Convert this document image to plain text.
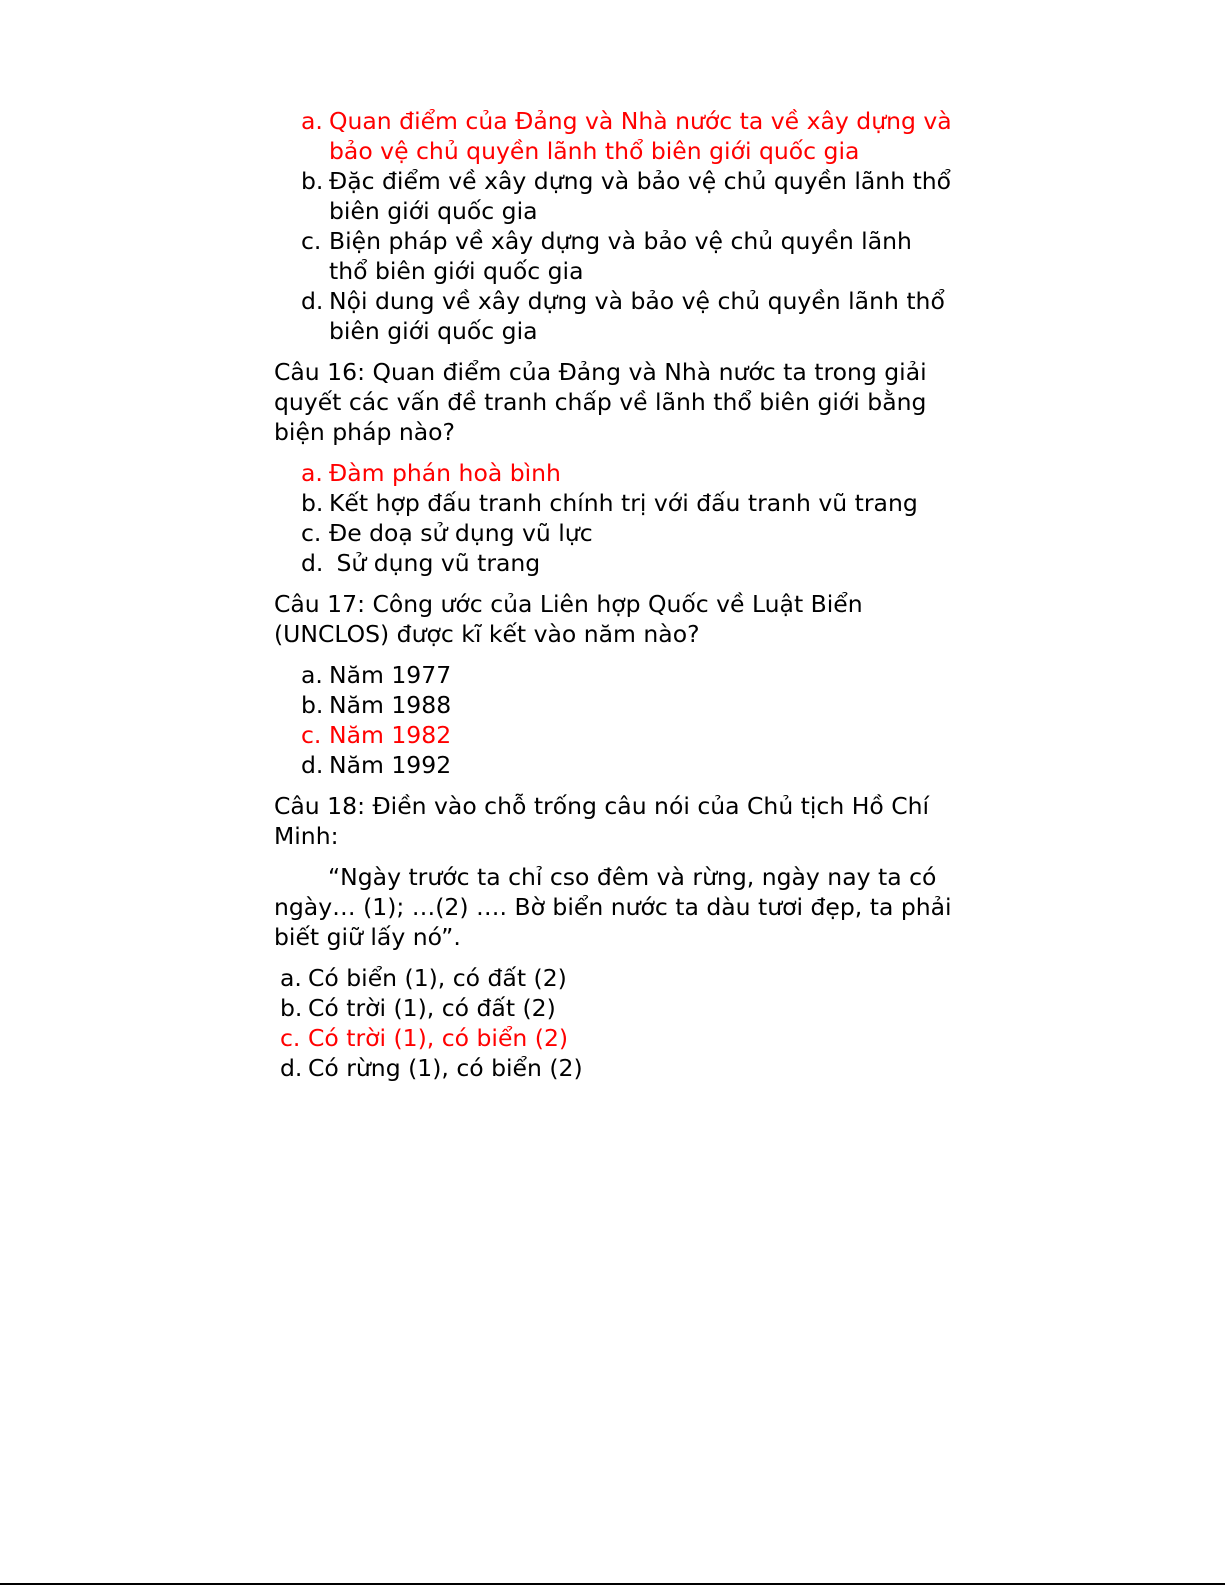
a. Quan điểm của Đảng và Nhà nước ta về xây dựng và bảo vệ chủ quyền lãnh thổ biên giới quốc gia
b. Đặc điểm về xây dựng và bảo vệ chủ quyền lãnh thổ biên giới quốc gia
c. Biện pháp về xây dựng và bảo vệ chủ quyền lãnh thổ biên giới quốc gia
d. Nội dung về xây dựng và bảo vệ chủ quyền lãnh thổ biên giới quốc gia

Câu 16: Quan điểm của Đảng và Nhà nước ta trong giải quyết các vấn đề tranh chấp về lãnh thổ biên giới bằng biện pháp nào?

a. Đàm phán hoà bình
b. Kết hợp đấu tranh chính trị với đấu tranh vũ trang
c. Đe doạ sử dụng vũ lực
d. Sử dụng vũ trang

Câu 17: Công ước của Liên hợp Quốc về Luật Biển (UNCLOS) được kĩ kết vào năm nào?

a. Năm 1977
b. Năm 1988
c. Năm 1982
d. Năm 1992

Câu 18: Điền vào chỗ trống câu nói của Chủ tịch Hồ Chí Minh:

“Ngày trước ta chỉ cso đêm và rừng, ngày nay ta có ngày… (1); …(2) …. Bờ biển nước ta dàu tươi đẹp, ta phải biết giữ lấy nó”.

a. Có biển (1), có đất (2)
b. Có trời (1), có đất (2)
c. Có trời (1), có biển (2)
d. Có rừng (1), có biển (2)
